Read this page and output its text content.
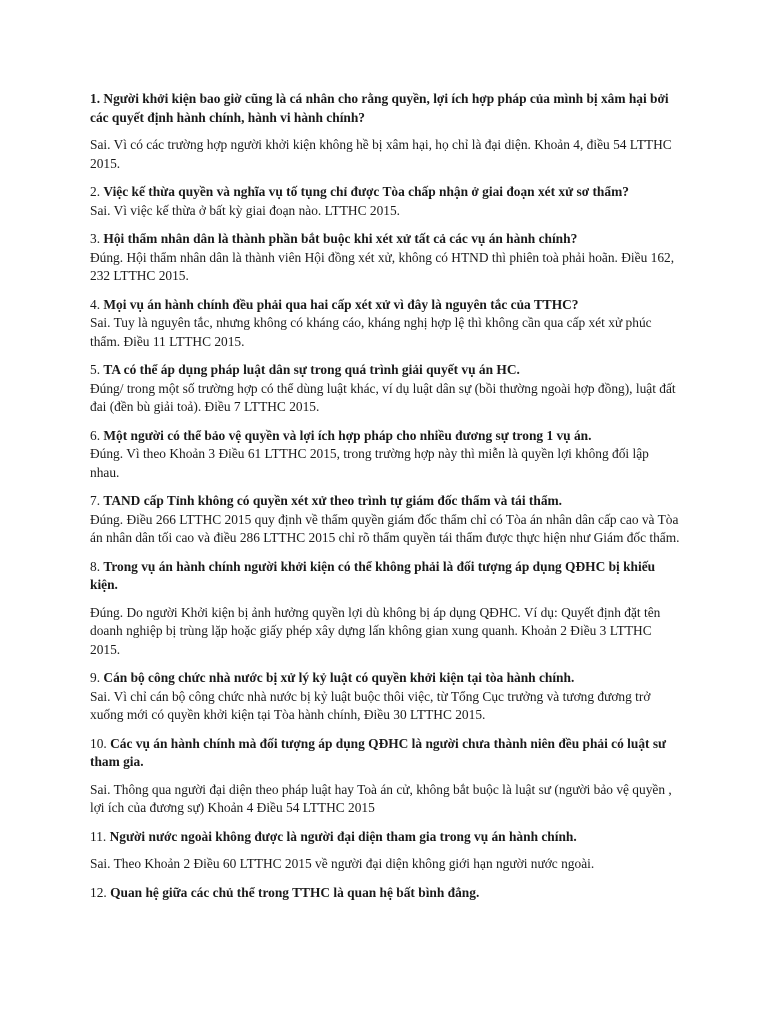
1. Người khởi kiện bao giờ cũng là cá nhân cho rằng quyền, lợi ích hợp pháp của mình bị xâm hại bởi các quyết định hành chính, hành vi hành chính?

Sai. Vì có các trường hợp người khởi kiện không hề bị xâm hại, họ chỉ là đại diện. Khoản 4, điều 54 LTTHC 2015.

2. Việc kế thừa quyền và nghĩa vụ tố tụng chỉ được Tòa chấp nhận ở giai đoạn xét xử sơ thẩm?

Sai. Vì việc kế thừa ở bất kỳ giai đoạn nào. LTTHC 2015.

3. Hội thẩm nhân dân là thành phần bắt buộc khi xét xử tất cả các vụ án hành chính?

Đúng. Hội thẩm nhân dân là thành viên Hội đồng xét xử, không có HTND thì phiên toà phải hoãn. Điều 162, 232 LTTHC 2015.

4. Mọi vụ án hành chính đều phải qua hai cấp xét xử vì đây là nguyên tắc của TTHC?

Sai. Tuy là nguyên tắc, nhưng không có kháng cáo, kháng nghị hợp lệ thì không cần qua cấp xét xử phúc thẩm. Điều 11 LTTHC 2015.

5. TA có thể áp dụng pháp luật dân sự trong quá trình giải quyết vụ án HC.

Đúng/ trong một số trường hợp có thể dùng luật khác, ví dụ luật dân sự (bồi thường ngoài hợp đồng), luật đất đai (đền bù giải toả). Điều 7 LTTHC 2015.

6. Một người có thể bảo vệ quyền và lợi ích hợp pháp cho nhiều đương sự trong 1 vụ án.

Đúng. Vì theo Khoản 3 Điều 61 LTTHC 2015, trong trường hợp này thì miễn là quyền lợi không đối lập nhau.

7. TAND cấp Tỉnh không có quyền xét xử theo trình tự giám đốc thẩm và tái thẩm.

Đúng. Điều 266 LTTHC 2015 quy định về thẩm quyền giám đốc thẩm chỉ có Tòa án nhân dân cấp cao và Tòa án nhân dân tối cao và điều 286 LTTHC 2015 chỉ rõ thẩm quyền tái thẩm được thực hiện như Giám đốc thẩm.

8. Trong vụ án hành chính người khởi kiện có thể không phải là đối tượng áp dụng QĐHC bị khiếu kiện.

Đúng. Do người Khởi kiện bị ảnh hưởng quyền lợi dù không bị áp dụng QĐHC. Ví dụ: Quyết định đặt tên doanh nghiệp bị trùng lặp hoặc giấy phép xây dựng lấn không gian xung quanh. Khoản 2 Điều 3 LTTHC 2015.

9. Cán bộ công chức nhà nước bị xử lý kỷ luật có quyền khởi kiện tại tòa hành chính.

Sai. Vì chỉ cán bộ công chức nhà nước bị kỷ luật buộc thôi việc, từ Tổng Cục trưởng và tương đương trở xuống mới có quyền khởi kiện tại Tòa hành chính, Điều 30 LTTHC 2015.

10. Các vụ án hành chính mà đối tượng áp dụng QĐHC là người chưa thành niên đều phải có luật sư tham gia.

Sai. Thông qua người đại diện theo pháp luật hay Toà án cử, không bắt buộc là luật sư (người bảo vệ quyền , lợi ích của đương sự) Khoản 4 Điều 54 LTTHC 2015

11. Người nước ngoài không được là người đại diện tham gia trong vụ án hành chính.

Sai. Theo Khoản 2 Điều 60 LTTHC 2015 về người đại diện không giới hạn người nước ngoài.

12. Quan hệ giữa các chủ thể trong TTHC là quan hệ bất bình đẳng.
